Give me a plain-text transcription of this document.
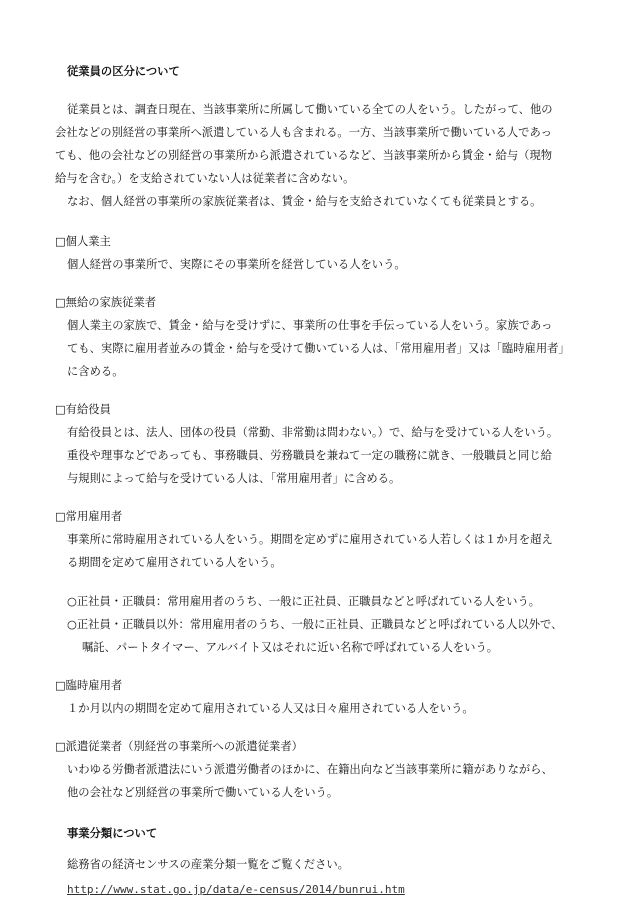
従業員の区分について
従業員とは、調査日現在、当該事業所に所属して働いている全ての人をいう。したがって、他の
会社などの別経営の事業所へ派遣している人も含まれる。一方、当該事業所で働いている人であっ
ても、他の会社などの別経営の事業所から派遣されているなど、当該事業所から賃金・給与（現物
給与を含む。）を支給されていない人は従業者に含めない。
なお、個人経営の事業所の家族従業者は、賃金・給与を支給されていなくても従業員とする。
□個人業主
個人経営の事業所で、実際にその事業所を経営している人をいう。
□無給の家族従業者
個人業主の家族で、賃金・給与を受けずに、事業所の仕事を手伝っている人をいう。家族であっ
ても、実際に雇用者並みの賃金・給与を受けて働いている人は、「常用雇用者」又は「臨時雇用者」
に含める。
□有給役員
有給役員とは、法人、団体の役員（常勤、非常勤は問わない。）で、給与を受けている人をいう。
重役や理事などであっても、事務職員、労務職員を兼ねて一定の職務に就き、一般職員と同じ給
与規則によって給与を受けている人は、「常用雇用者」に含める。
□常用雇用者
事業所に常時雇用されている人をいう。期間を定めずに雇用されている人若しくは１か月を超え
る期間を定めて雇用されている人をいう。
○正社員・正職員：常用雇用者のうち、一般に正社員、正職員などと呼ばれている人をいう。
○正社員・正職員以外：常用雇用者のうち、一般に正社員、正職員などと呼ばれている人以外で、
嘱託、パートタイマー、アルバイト又はそれに近い名称で呼ばれている人をいう。
□臨時雇用者
１か月以内の期間を定めて雇用されている人又は日々雇用されている人をいう。
□派遣従業者（別経営の事業所への派遣従業者）
いわゆる労働者派遣法にいう派遣労働者のほかに、在籍出向など当該事業所に籍がありながら、
他の会社など別経営の事業所で働いている人をいう。
事業分類について
総務省の経済センサスの産業分類一覧をご覧ください。
http://www.stat.go.jp/data/e-census/2014/bunrui.htm
